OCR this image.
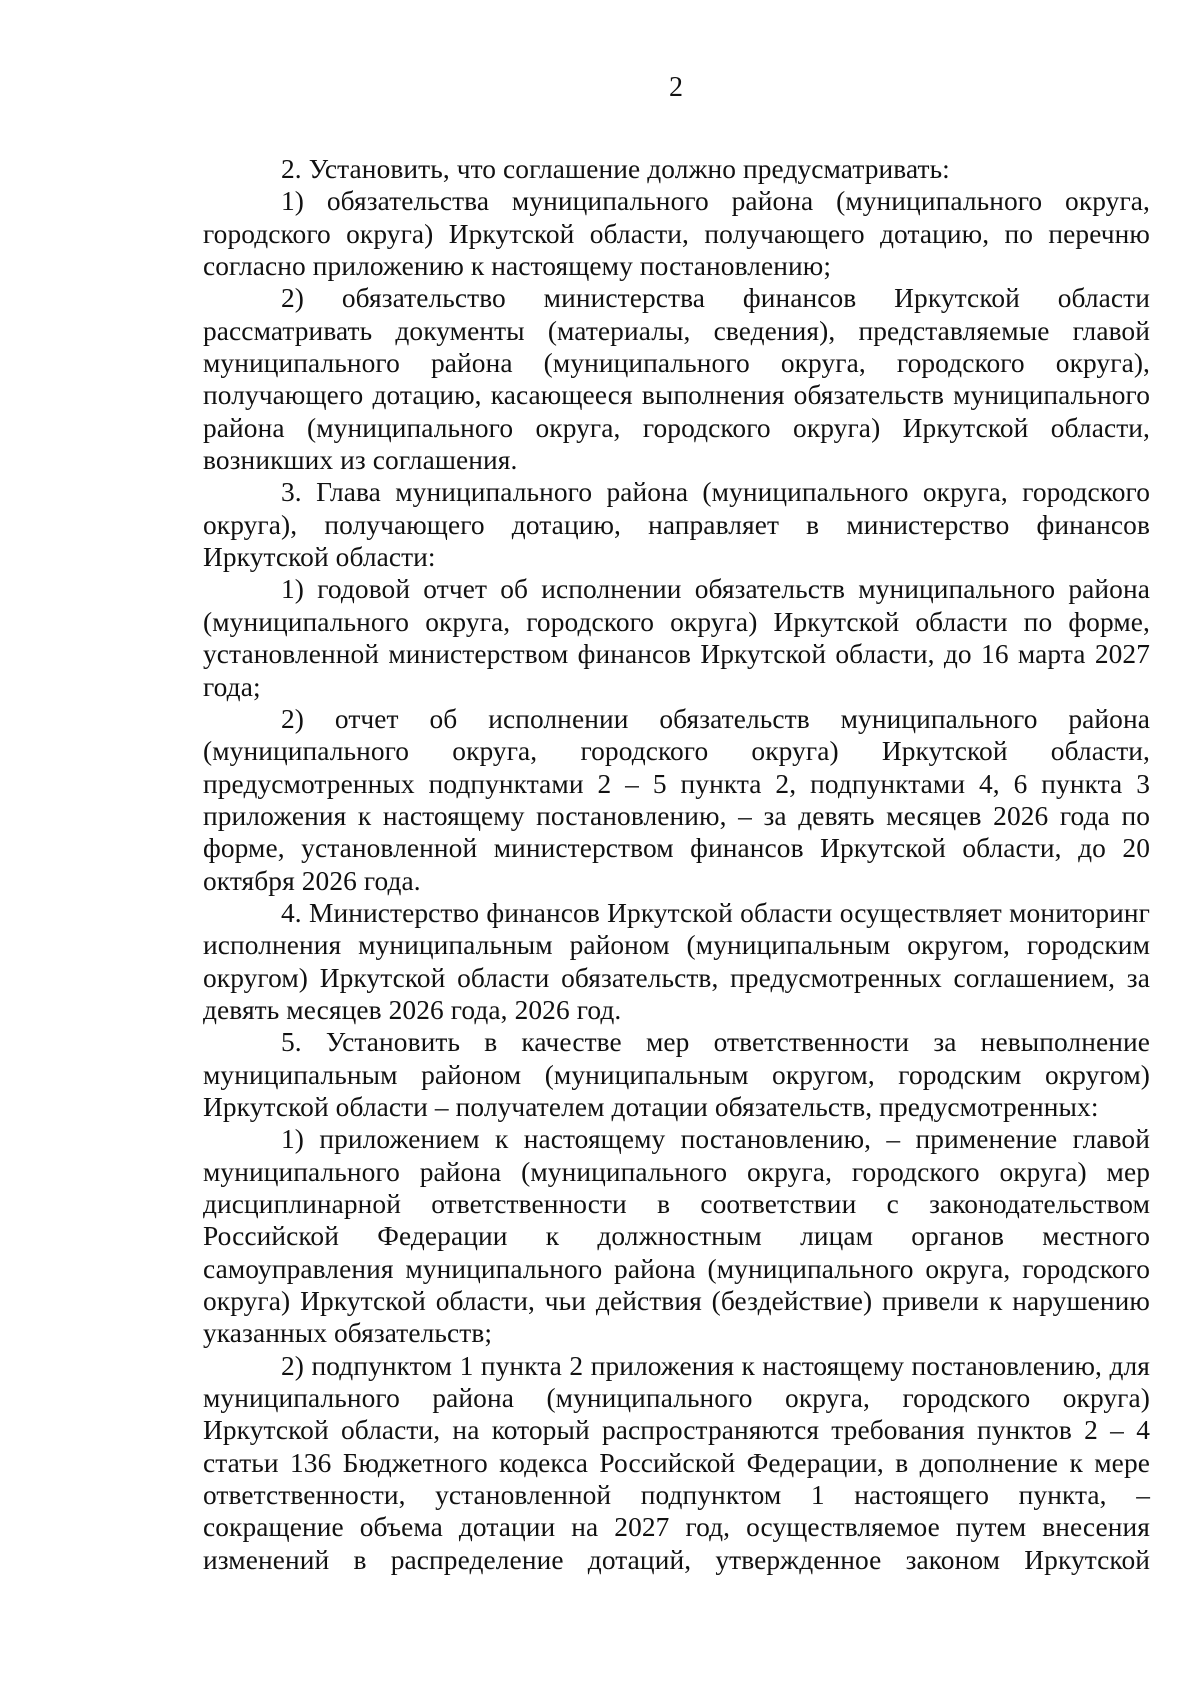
2

2. Установить, что соглашение должно предусматривать:

1) обязательства муниципального района (муниципального округа, городского округа) Иркутской области, получающего дотацию, по перечню согласно приложению к настоящему постановлению;

2) обязательство министерства финансов Иркутской области рассматривать документы (материалы, сведения), представляемые главой муниципального района (муниципального округа, городского округа), получающего дотацию, касающееся выполнения обязательств муниципального района (муниципального округа, городского округа) Иркутской области, возникших из соглашения.

3. Глава муниципального района (муниципального округа, городского округа), получающего дотацию, направляет в министерство финансов Иркутской области:

1) годовой отчет об исполнении обязательств муниципального района (муниципального округа, городского округа) Иркутской области по форме, установленной министерством финансов Иркутской области, до 16 марта 2027 года;

2) отчет об исполнении обязательств муниципального района (муниципального округа, городского округа) Иркутской области, предусмотренных подпунктами 2 – 5 пункта 2, подпунктами 4, 6 пункта 3 приложения к настоящему постановлению, – за девять месяцев 2026 года по форме, установленной министерством финансов Иркутской области, до 20 октября 2026 года.

4. Министерство финансов Иркутской области осуществляет мониторинг исполнения муниципальным районом (муниципальным округом, городским округом) Иркутской области обязательств, предусмотренных соглашением, за девять месяцев 2026 года, 2026 год.

5. Установить в качестве мер ответственности за невыполнение муниципальным районом (муниципальным округом, городским округом) Иркутской области – получателем дотации обязательств, предусмотренных:

1) приложением к настоящему постановлению, – применение главой муниципального района (муниципального округа, городского округа) мер дисциплинарной ответственности в соответствии с законодательством Российской Федерации к должностным лицам органов местного самоуправления муниципального района (муниципального округа, городского округа) Иркутской области, чьи действия (бездействие) привели к нарушению указанных обязательств;

2) подпунктом 1 пункта 2 приложения к настоящему постановлению, для муниципального района (муниципального округа, городского округа) Иркутской области, на который распространяются требования пунктов 2 – 4 статьи 136 Бюджетного кодекса Российской Федерации, в дополнение к мере ответственности, установленной подпунктом 1 настоящего пункта, – сокращение объема дотации на 2027 год, осуществляемое путем внесения изменений в распределение дотаций, утвержденное законом Иркутской
